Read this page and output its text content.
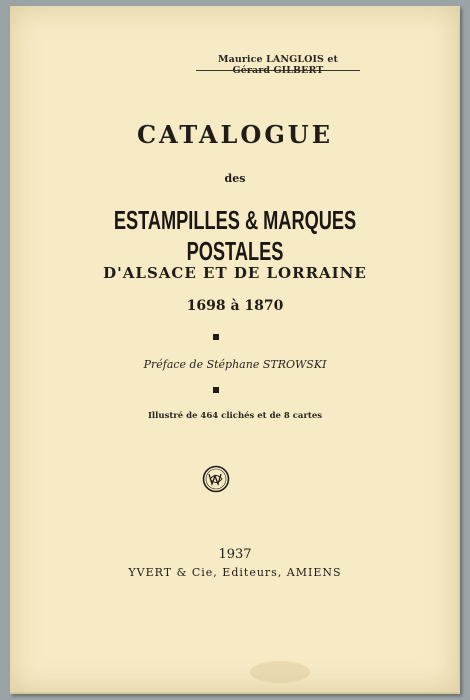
Maurice LANGLOIS et
CATALOGUE
des
ESTAMPILLES & MARQUES POSTALES
D'ALSACE ET DE LORRAINE
1698 à 1870
Préface de Stéphane STROWSKI
Illustré de 464 clichés et de 8 cartes
1937
YVERT & Cie, Editeurs, AMIENS
